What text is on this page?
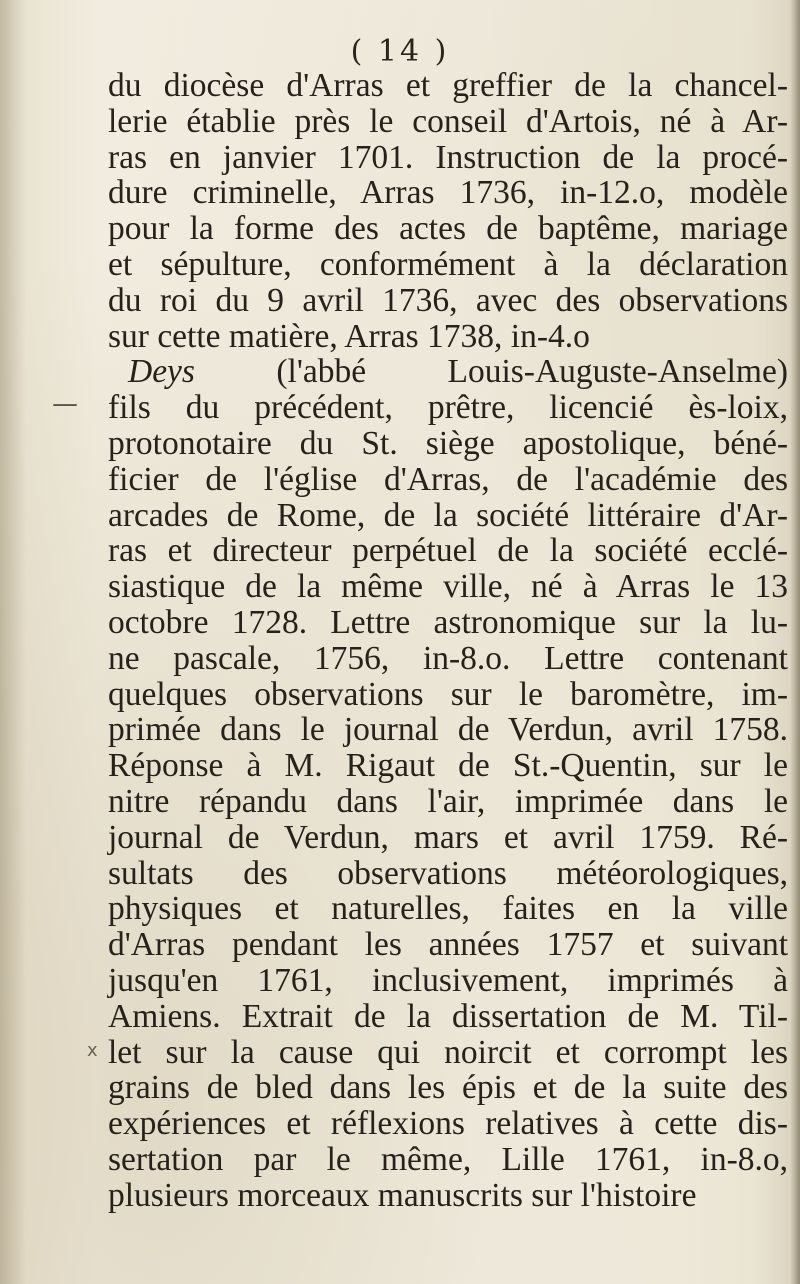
( 14 )
—
x
du diocèse d'Arras et greffier de la chancel-
lerie établie près le conseil d'Artois, né à Ar-
ras en janvier 1701. Instruction de la procé-
dure criminelle, Arras 1736, in-12.o, modèle
pour la forme des actes de baptême, mariage
et sépulture, conformément à la déclaration
du roi du 9 avril 1736, avec des observations
sur cette matière, Arras 1738, in-4.o
Deys (l'abbé Louis-Auguste-Anselme)
fils du précédent, prêtre, licencié ès-loix,
protonotaire du St. siège apostolique, béné-
ficier de l'église d'Arras, de l'académie des
arcades de Rome, de la société littéraire d'Ar-
ras et directeur perpétuel de la société ecclé-
siastique de la même ville, né à Arras le 13
octobre 1728. Lettre astronomique sur la lu-
ne pascale, 1756, in-8.o. Lettre contenant
quelques observations sur le baromètre, im-
primée dans le journal de Verdun, avril 1758.
Réponse à M. Rigaut de St.-Quentin, sur le
nitre répandu dans l'air, imprimée dans le
journal de Verdun, mars et avril 1759. Ré-
sultats des observations météorologiques,
physiques et naturelles, faites en la ville
d'Arras pendant les années 1757 et suivant
jusqu'en 1761, inclusivement, imprimés à
Amiens. Extrait de la dissertation de M. Til-
let sur la cause qui noircit et corrompt les
grains de bled dans les épis et de la suite des
expériences et réflexions relatives à cette dis-
sertation par le même, Lille 1761, in-8.o,
plusieurs morceaux manuscrits sur l'histoire
